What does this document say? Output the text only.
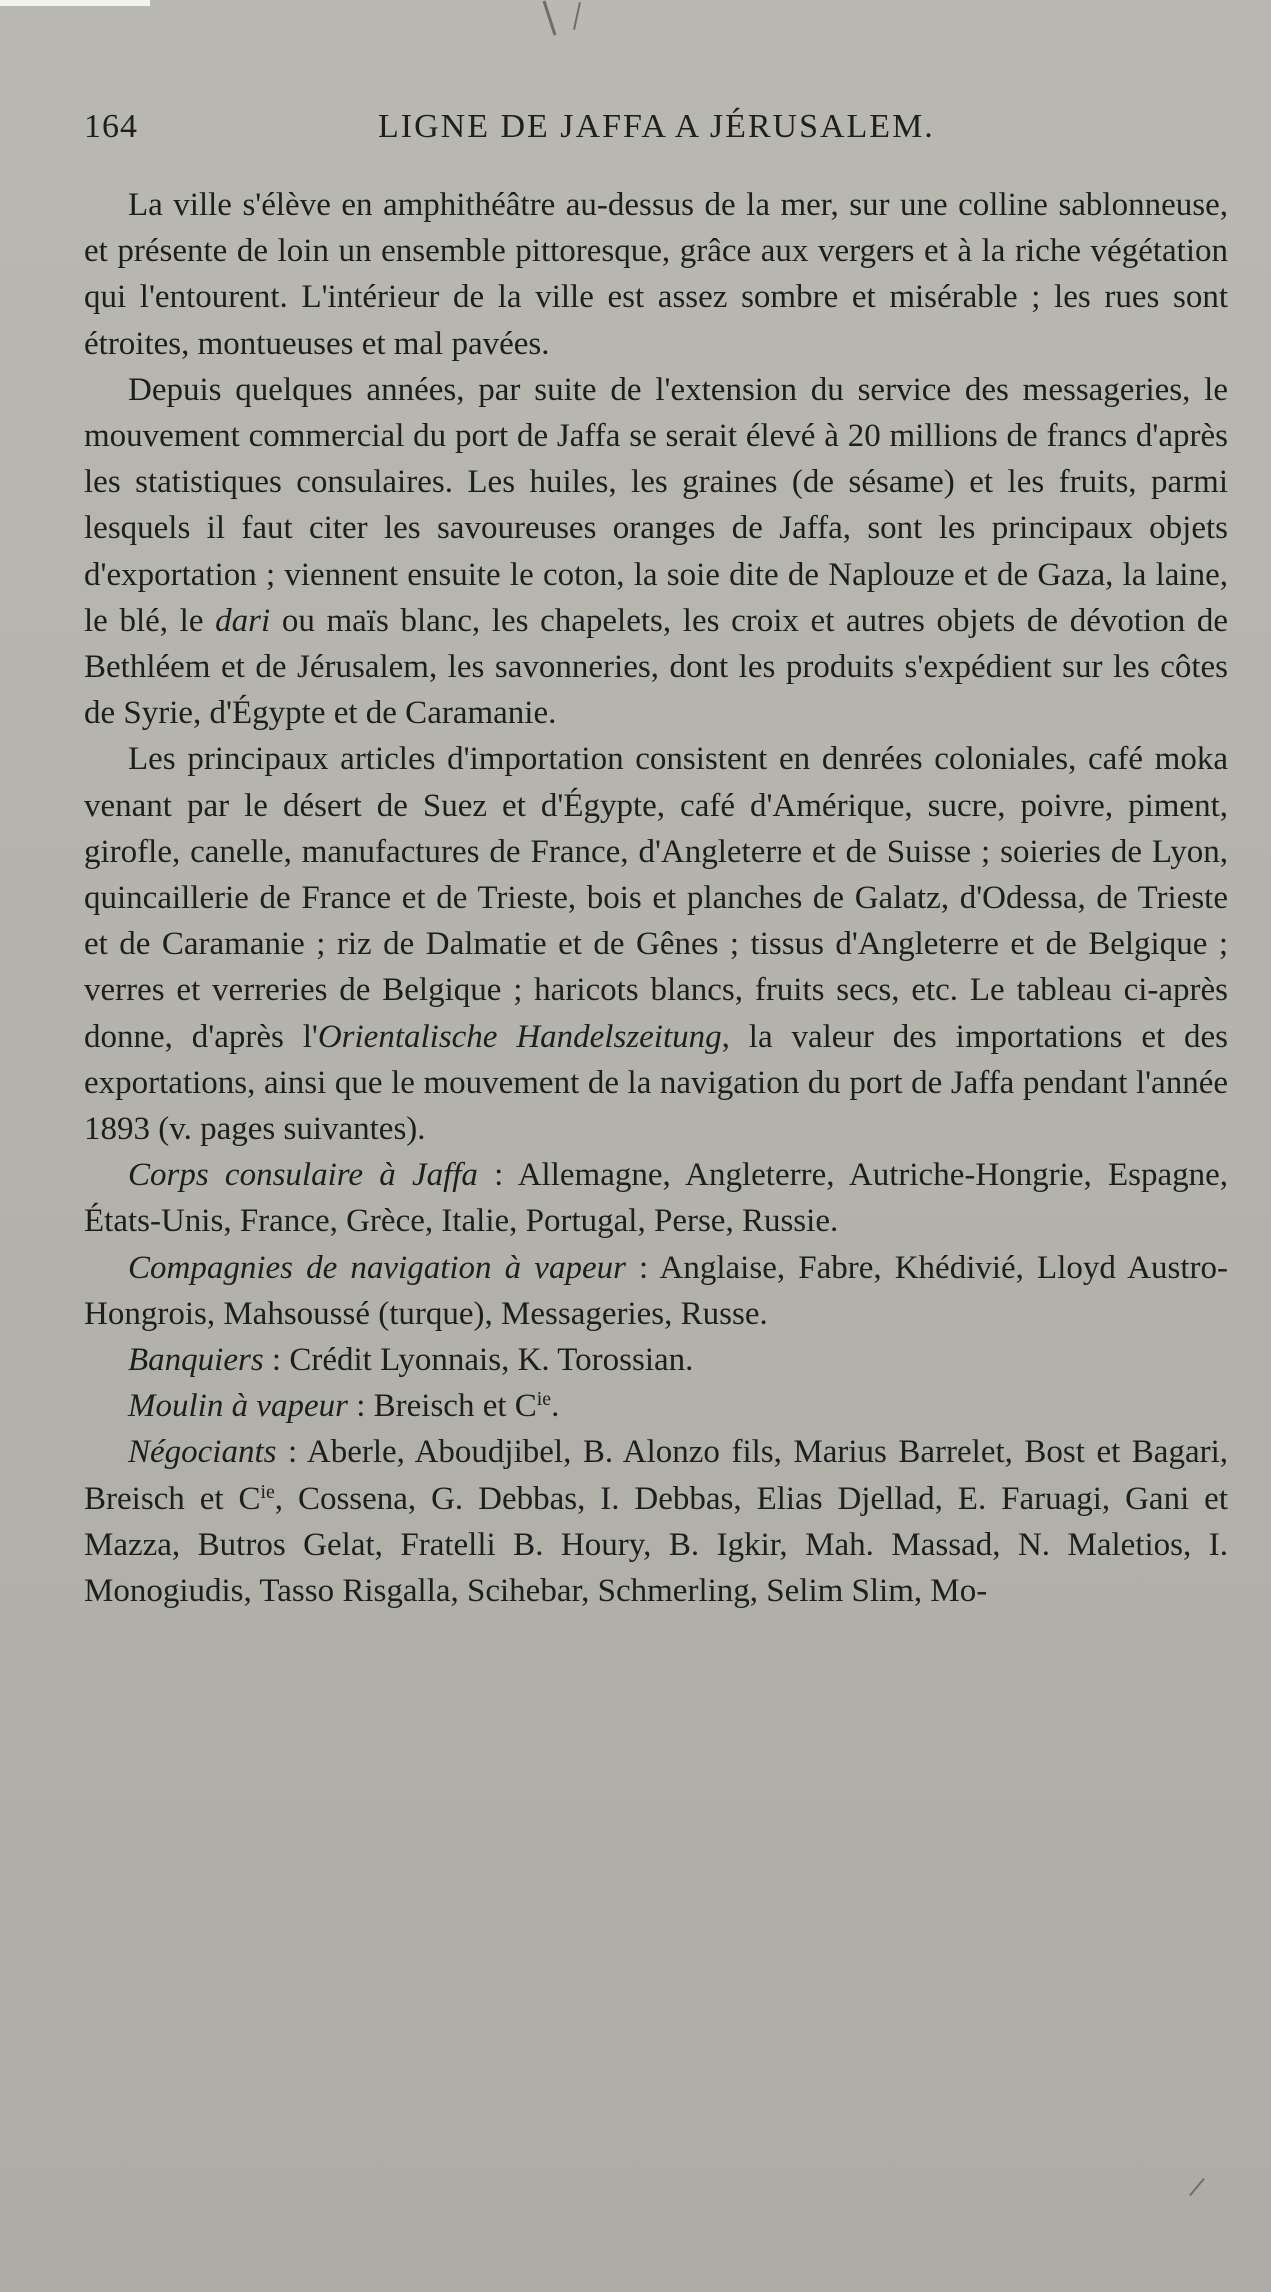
164	LIGNE DE JAFFA A JÉRUSALEM.

La ville s'élève en amphithéâtre au-dessus de la mer, sur une colline sablonneuse, et présente de loin un ensemble pittoresque, grâce aux vergers et à la riche végétation qui l'entourent. L'intérieur de la ville est assez sombre et misérable ; les rues sont étroites, montueuses et mal pavées.

Depuis quelques années, par suite de l'extension du service des messageries, le mouvement commercial du port de Jaffa se serait élevé à 20 millions de francs d'après les statistiques consulaires. Les huiles, les graines (de sésame) et les fruits, parmi lesquels il faut citer les savoureuses oranges de Jaffa, sont les principaux objets d'exportation ; viennent ensuite le coton, la soie dite de Naplouze et de Gaza, la laine, le blé, le dari ou maïs blanc, les chapelets, les croix et autres objets de dévotion de Bethléem et de Jérusalem, les savonneries, dont les produits s'expédient sur les côtes de Syrie, d'Égypte et de Caramanie.

Les principaux articles d'importation consistent en denrées coloniales, café moka venant par le désert de Suez et d'Égypte, café d'Amérique, sucre, poivre, piment, girofle, canelle, manufactures de France, d'Angleterre et de Suisse ; soieries de Lyon, quincaillerie de France et de Trieste, bois et planches de Galatz, d'Odessa, de Trieste et de Caramanie ; riz de Dalmatie et de Gênes ; tissus d'Angleterre et de Belgique ; verres et verreries de Belgique ; haricots blancs, fruits secs, etc. Le tableau ci-après donne, d'après l'Orientalische Handelszeitung, la valeur des importations et des exportations, ainsi que le mouvement de la navigation du port de Jaffa pendant l'année 1893 (v. pages suivantes).

Corps consulaire à Jaffa : Allemagne, Angleterre, Autriche-Hongrie, Espagne, États-Unis, France, Grèce, Italie, Portugal, Perse, Russie.

Compagnies de navigation à vapeur : Anglaise, Fabre, Khédivié, Lloyd Austro-Hongrois, Mahsoussé (turque), Messageries, Russe.

Banquiers : Crédit Lyonnais, K. Torossian.

Moulin à vapeur : Breisch et $C^{ie}$.

Négociants : Aberle, Aboudjibel, B. Alonzo fils, Marius Barrelet, Bost et Bagari, Breisch et $C^{ie}$, Cossena, G. Debbas, I. Debbas, Elias Djellad, E. Faruagi, Gani et Mazza, Butros Gelat, Fratelli B. Houry, B. Igkir, Mah. Massad, N. Maletios, I. Monogiudis, Tasso Risgalla, Scihebar, Schmerling, Selim Slim, Mo-
